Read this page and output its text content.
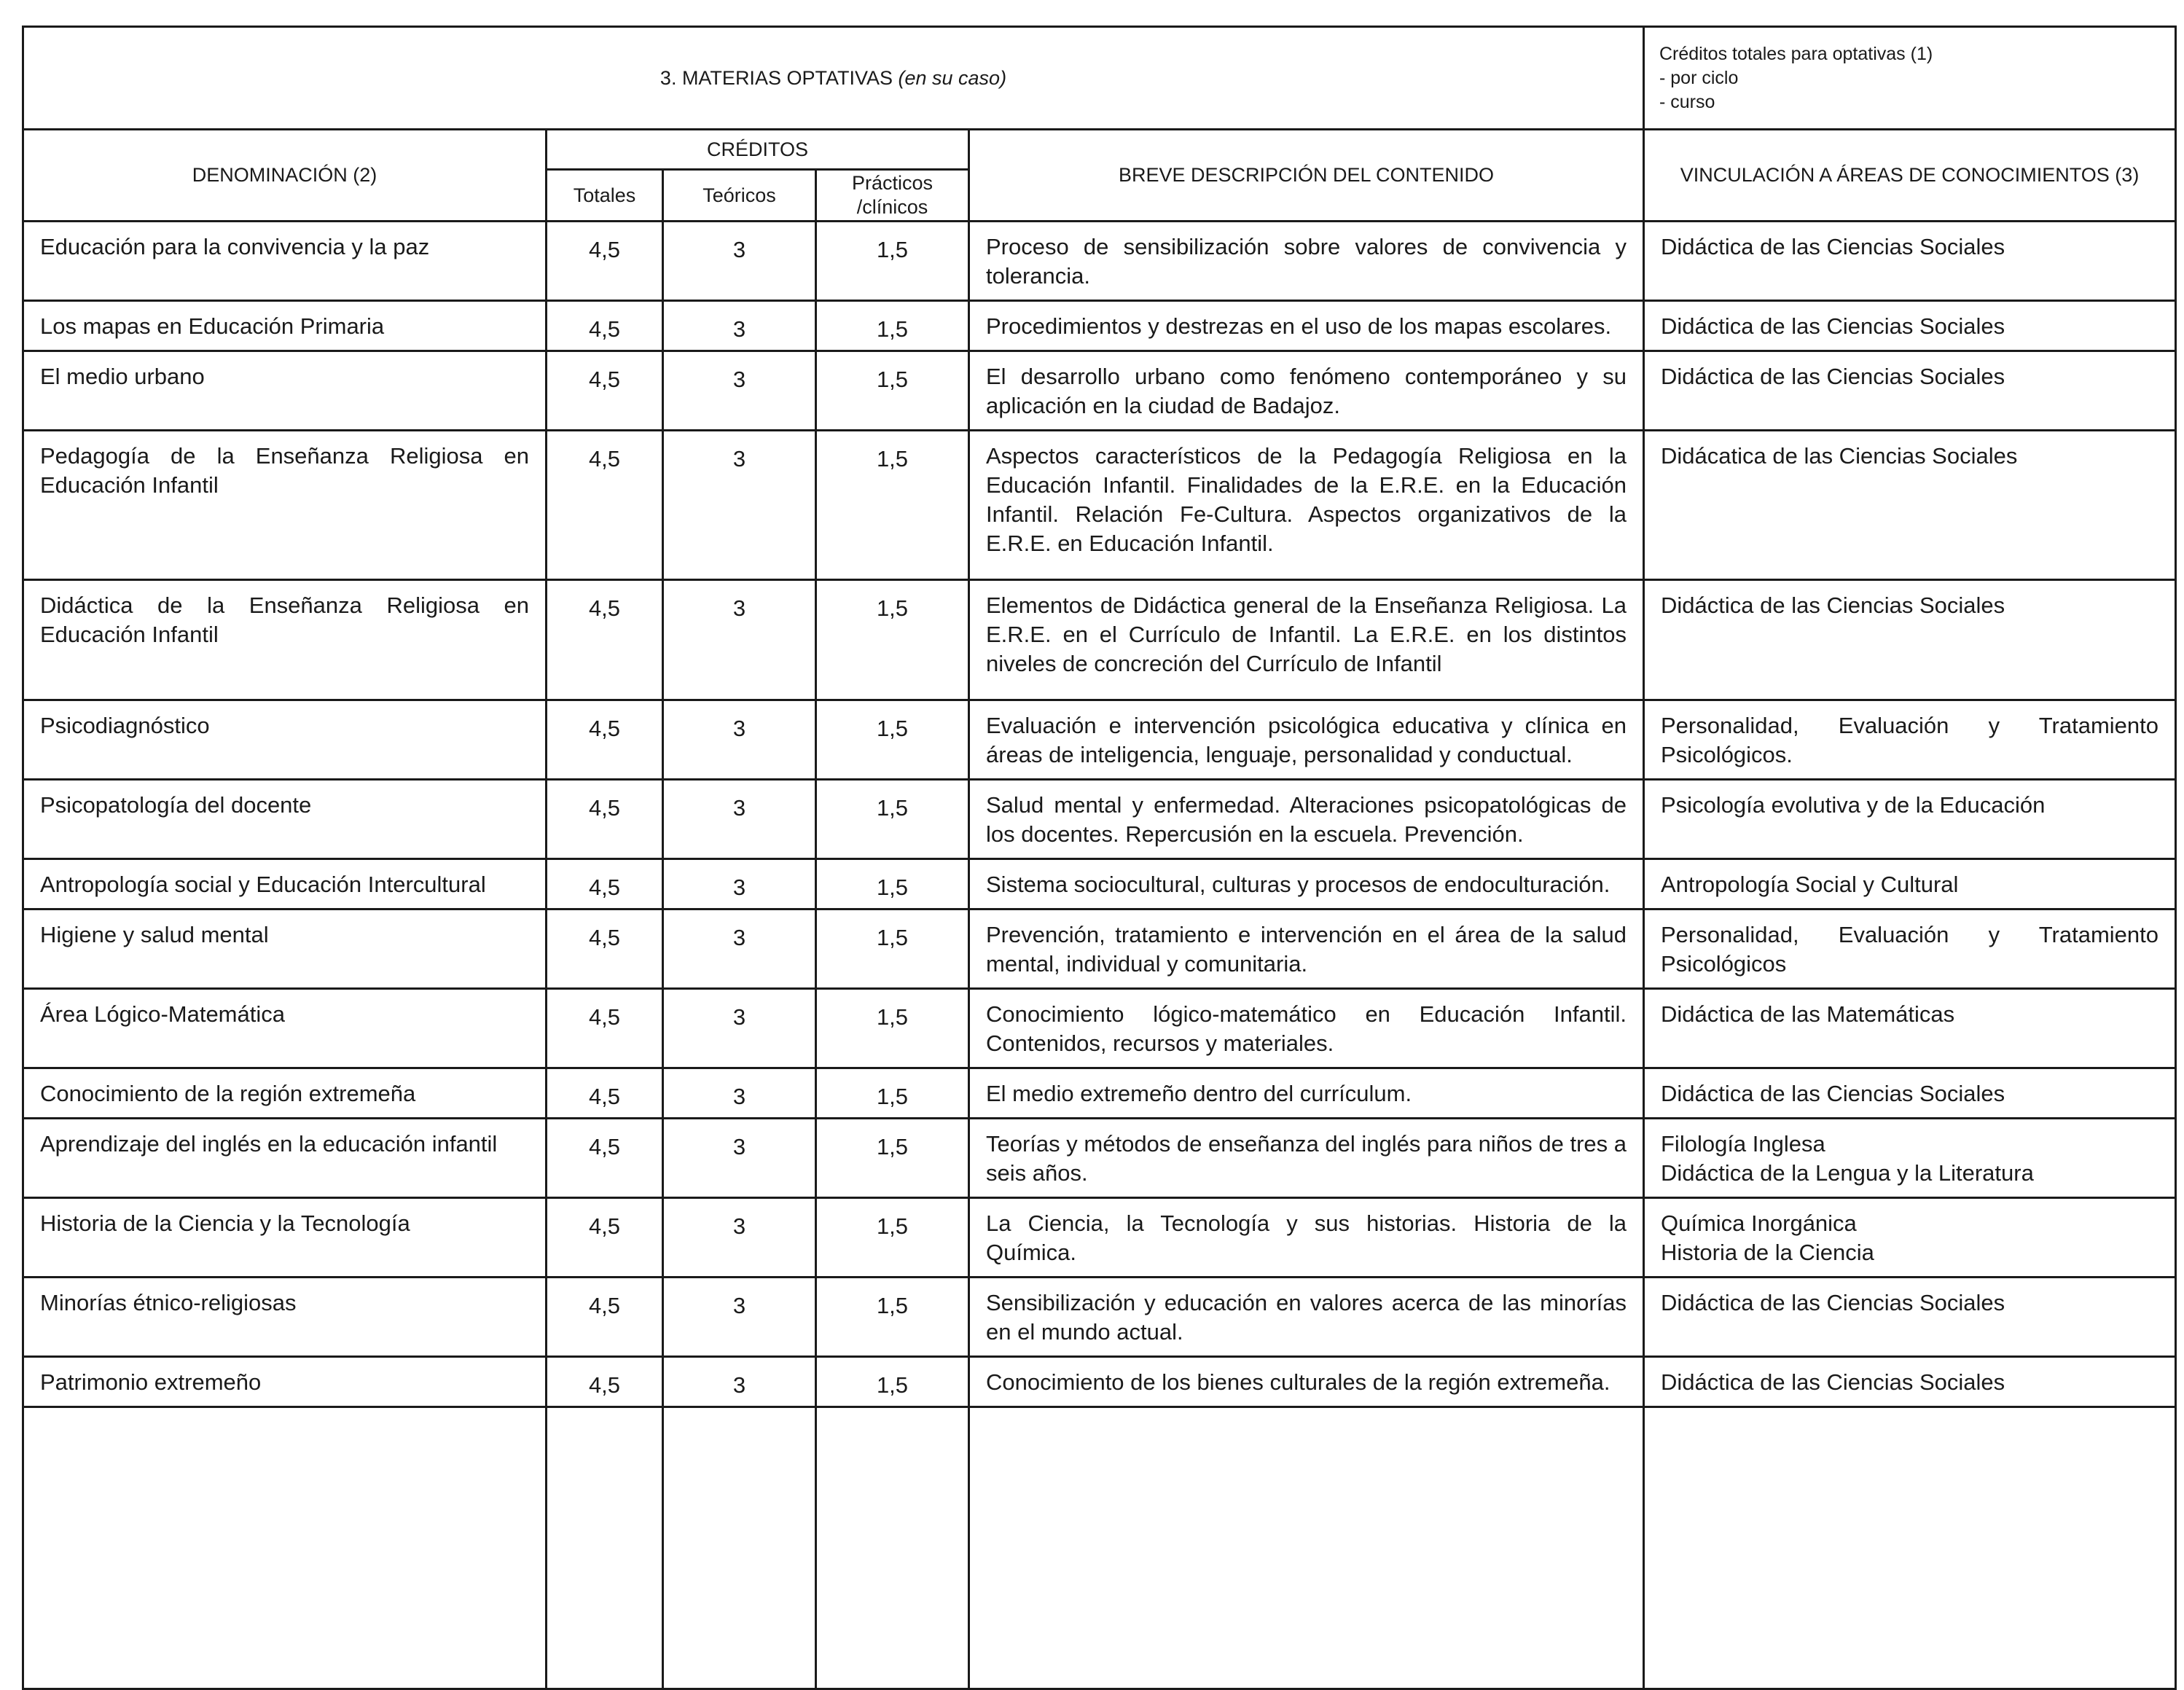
3. MATERIAS OPTATIVAS (en su caso)					Créditos totales para optativas (1)
- por ciclo
- curso

DENOMINACIÓN (2)	CRÉDITOS			BREVE DESCRIPCIÓN DEL CONTENIDO	VINCULACIÓN A ÁREAS DE CONOCIMIENTOS (3)
	Totales	Teóricos	Prácticos
/clínicos		

Educación para la convivencia y la paz	4,5	3	1,5	Proceso de sensibilización sobre valores de convivencia y tolerancia.	Didáctica de las Ciencias Sociales

Los mapas en Educación Primaria	4,5	3	1,5	Procedimientos y destrezas en el uso de los mapas escolares.	Didáctica de las Ciencias Sociales

El medio urbano	4,5	3	1,5	El desarrollo urbano como fenómeno contemporáneo y su aplicación en la ciudad de Badajoz.	Didáctica de las Ciencias Sociales

Pedagogía de la Enseñanza Religiosa en Educación Infantil	4,5	3	1,5	Aspectos característicos de la Pedagogía Religiosa en la Educación Infantil. Finalidades de la E.R.E. en la Educación Infantil. Relación Fe-Cultura. Aspectos organizativos de la E.R.E. en Educación Infantil.	Didácatica de las Ciencias Sociales

Didáctica de la Enseñanza Religiosa en Educación Infantil	4,5	3	1,5	Elementos de Didáctica general de la Enseñanza Religiosa. La E.R.E. en el Currículo de Infantil. La E.R.E. en los distintos niveles de concreción del Currículo de Infantil	Didáctica de las Ciencias Sociales

Psicodiagnóstico	4,5	3	1,5	Evaluación e intervención psicológica educativa y clínica en áreas de inteligencia, lenguaje, personalidad y conductual.	Personalidad, Evaluación y Tratamiento Psicológicos.

Psicopatología del docente	4,5	3	1,5	Salud mental y enfermedad. Alteraciones psicopatológicas de los docentes. Repercusión en la escuela. Prevención.	Psicología evolutiva y de la Educación

Antropología social y Educación Intercultural	4,5	3	1,5	Sistema sociocultural, culturas y procesos de endoculturación.	Antropología Social y Cultural

Higiene y salud mental	4,5	3	1,5	Prevención, tratamiento e intervención en el área de la salud mental, individual y comunitaria.	Personalidad, Evaluación y Tratamiento Psicológicos

Área Lógico-Matemática	4,5	3	1,5	Conocimiento lógico-matemático en Educación Infantil. Contenidos, recursos y materiales.	Didáctica de las Matemáticas

Conocimiento de la región extremeña	4,5	3	1,5	El medio extremeño dentro del currículum.	Didáctica de las Ciencias Sociales

Aprendizaje del inglés en la educación infantil	4,5	3	1,5	Teorías y métodos de enseñanza del inglés para niños de tres a seis años.	Filología Inglesa
Didáctica de la Lengua y la Literatura

Historia de la Ciencia y la Tecnología	4,5	3	1,5	La Ciencia, la Tecnología y sus historias. Historia de la Química.	Química Inorgánica
Historia de la Ciencia

Minorías étnico-religiosas	4,5	3	1,5	Sensibilización y educación en valores acerca de las minorías en el mundo actual.	Didáctica de las Ciencias Sociales

Patrimonio extremeño	4,5	3	1,5	Conocimiento de los bienes culturales de la región extremeña.	Didáctica de las Ciencias Sociales
